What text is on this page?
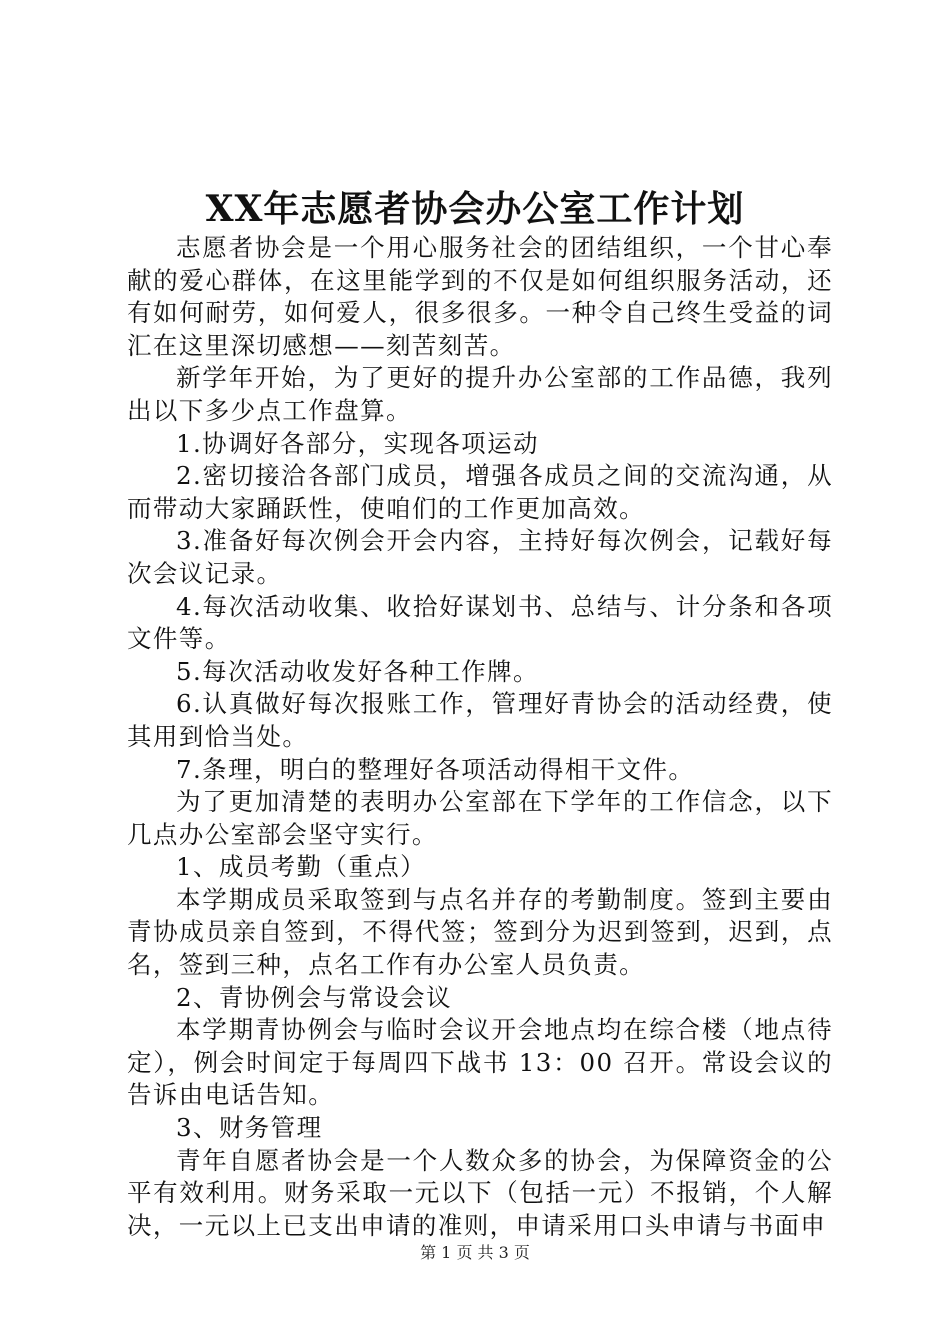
XX年志愿者协会办公室工作计划

志愿者协会是一个用心服务社会的团结组织，一个甘心奉献的爱心群体，在这里能学到的不仅是如何组织服务活动，还有如何耐劳，如何爱人，很多很多。一种令自己终生受益的词汇在这里深切感想——刻苦刻苦。

新学年开始，为了更好的提升办公室部的工作品德，我列出以下多少点工作盘算。

1.协调好各部分，实现各项运动

2.密切接洽各部门成员，增强各成员之间的交流沟通，从而带动大家踊跃性，使咱们的工作更加高效。

3.准备好每次例会开会内容，主持好每次例会，记载好每次会议记录。

4.每次活动收集、收拾好谋划书、总结与、计分条和各项文件等。

5.每次活动收发好各种工作牌。

6.认真做好每次报账工作，管理好青协会的活动经费，使其用到恰当处。

7.条理，明白的整理好各项活动得相干文件。

为了更加清楚的表明办公室部在下学年的工作信念，以下几点办公室部会坚守实行。

1、成员考勤（重点）

本学期成员采取签到与点名并存的考勤制度。签到主要由青协成员亲自签到，不得代签；签到分为迟到签到，迟到，点名，签到三种，点名工作有办公室人员负责。

2、青协例会与常设会议

本学期青协例会与临时会议开会地点均在综合楼（地点待定），例会时间定于每周四下战书 13：00 召开。常设会议的告诉由电话告知。

3、财务管理

青年自愿者协会是一个人数众多的协会，为保障资金的公平有效利用。财务采取一元以下（包括一元）不报销，个人解决，一元以上已支出申请的准则，申请采用口头申请与书面申

第 1 页 共 3 页
